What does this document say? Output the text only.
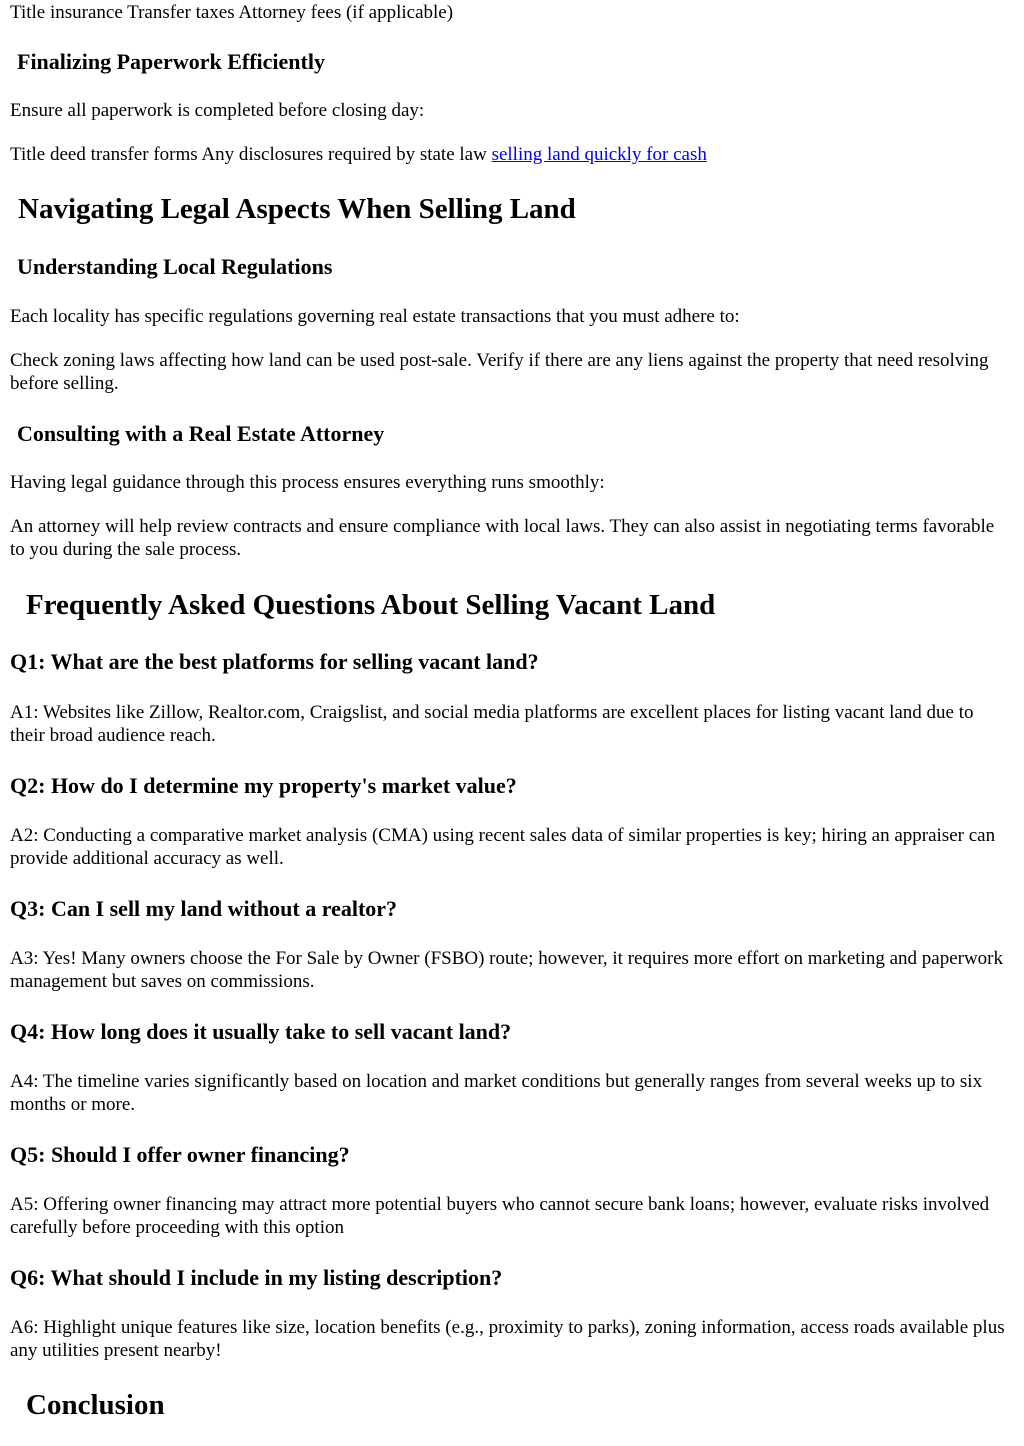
Title insurance Transfer taxes Attorney fees (if applicable)

Finalizing Paperwork Efficiently

Ensure all paperwork is completed before closing day:

Title deed transfer forms Any disclosures required by state law selling land quickly for cash

Navigating Legal Aspects When Selling Land
Understanding Local Regulations

Each locality has specific regulations governing real estate transactions that you must adhere to:

Check zoning laws affecting how land can be used post-sale. Verify if there are any liens against the property that need resolving before selling.

Consulting with a Real Estate Attorney

Having legal guidance through this process ensures everything runs smoothly:

An attorney will help review contracts and ensure compliance with local laws. They can also assist in negotiating terms favorable to you during the sale process.

Frequently Asked Questions About Selling Vacant Land
Q1: What are the best platforms for selling vacant land?

A1: Websites like Zillow, Realtor.com, Craigslist, and social media platforms are excellent places for listing vacant land due to their broad audience reach.

Q2: How do I determine my property's market value?

A2: Conducting a comparative market analysis (CMA) using recent sales data of similar properties is key; hiring an appraiser can provide additional accuracy as well.

Q3: Can I sell my land without a realtor?

A3: Yes! Many owners choose the For Sale by Owner (FSBO) route; however, it requires more effort on marketing and paperwork management but saves on commissions.

Q4: How long does it usually take to sell vacant land?

A4: The timeline varies significantly based on location and market conditions but generally ranges from several weeks up to six months or more.

Q5: Should I offer owner financing?

A5: Offering owner financing may attract more potential buyers who cannot secure bank loans; however, evaluate risks involved carefully before proceeding with this option

Q6: What should I include in my listing description?

A6: Highlight unique features like size, location benefits (e.g., proximity to parks), zoning information, access roads available plus any utilities present nearby!

Conclusion
